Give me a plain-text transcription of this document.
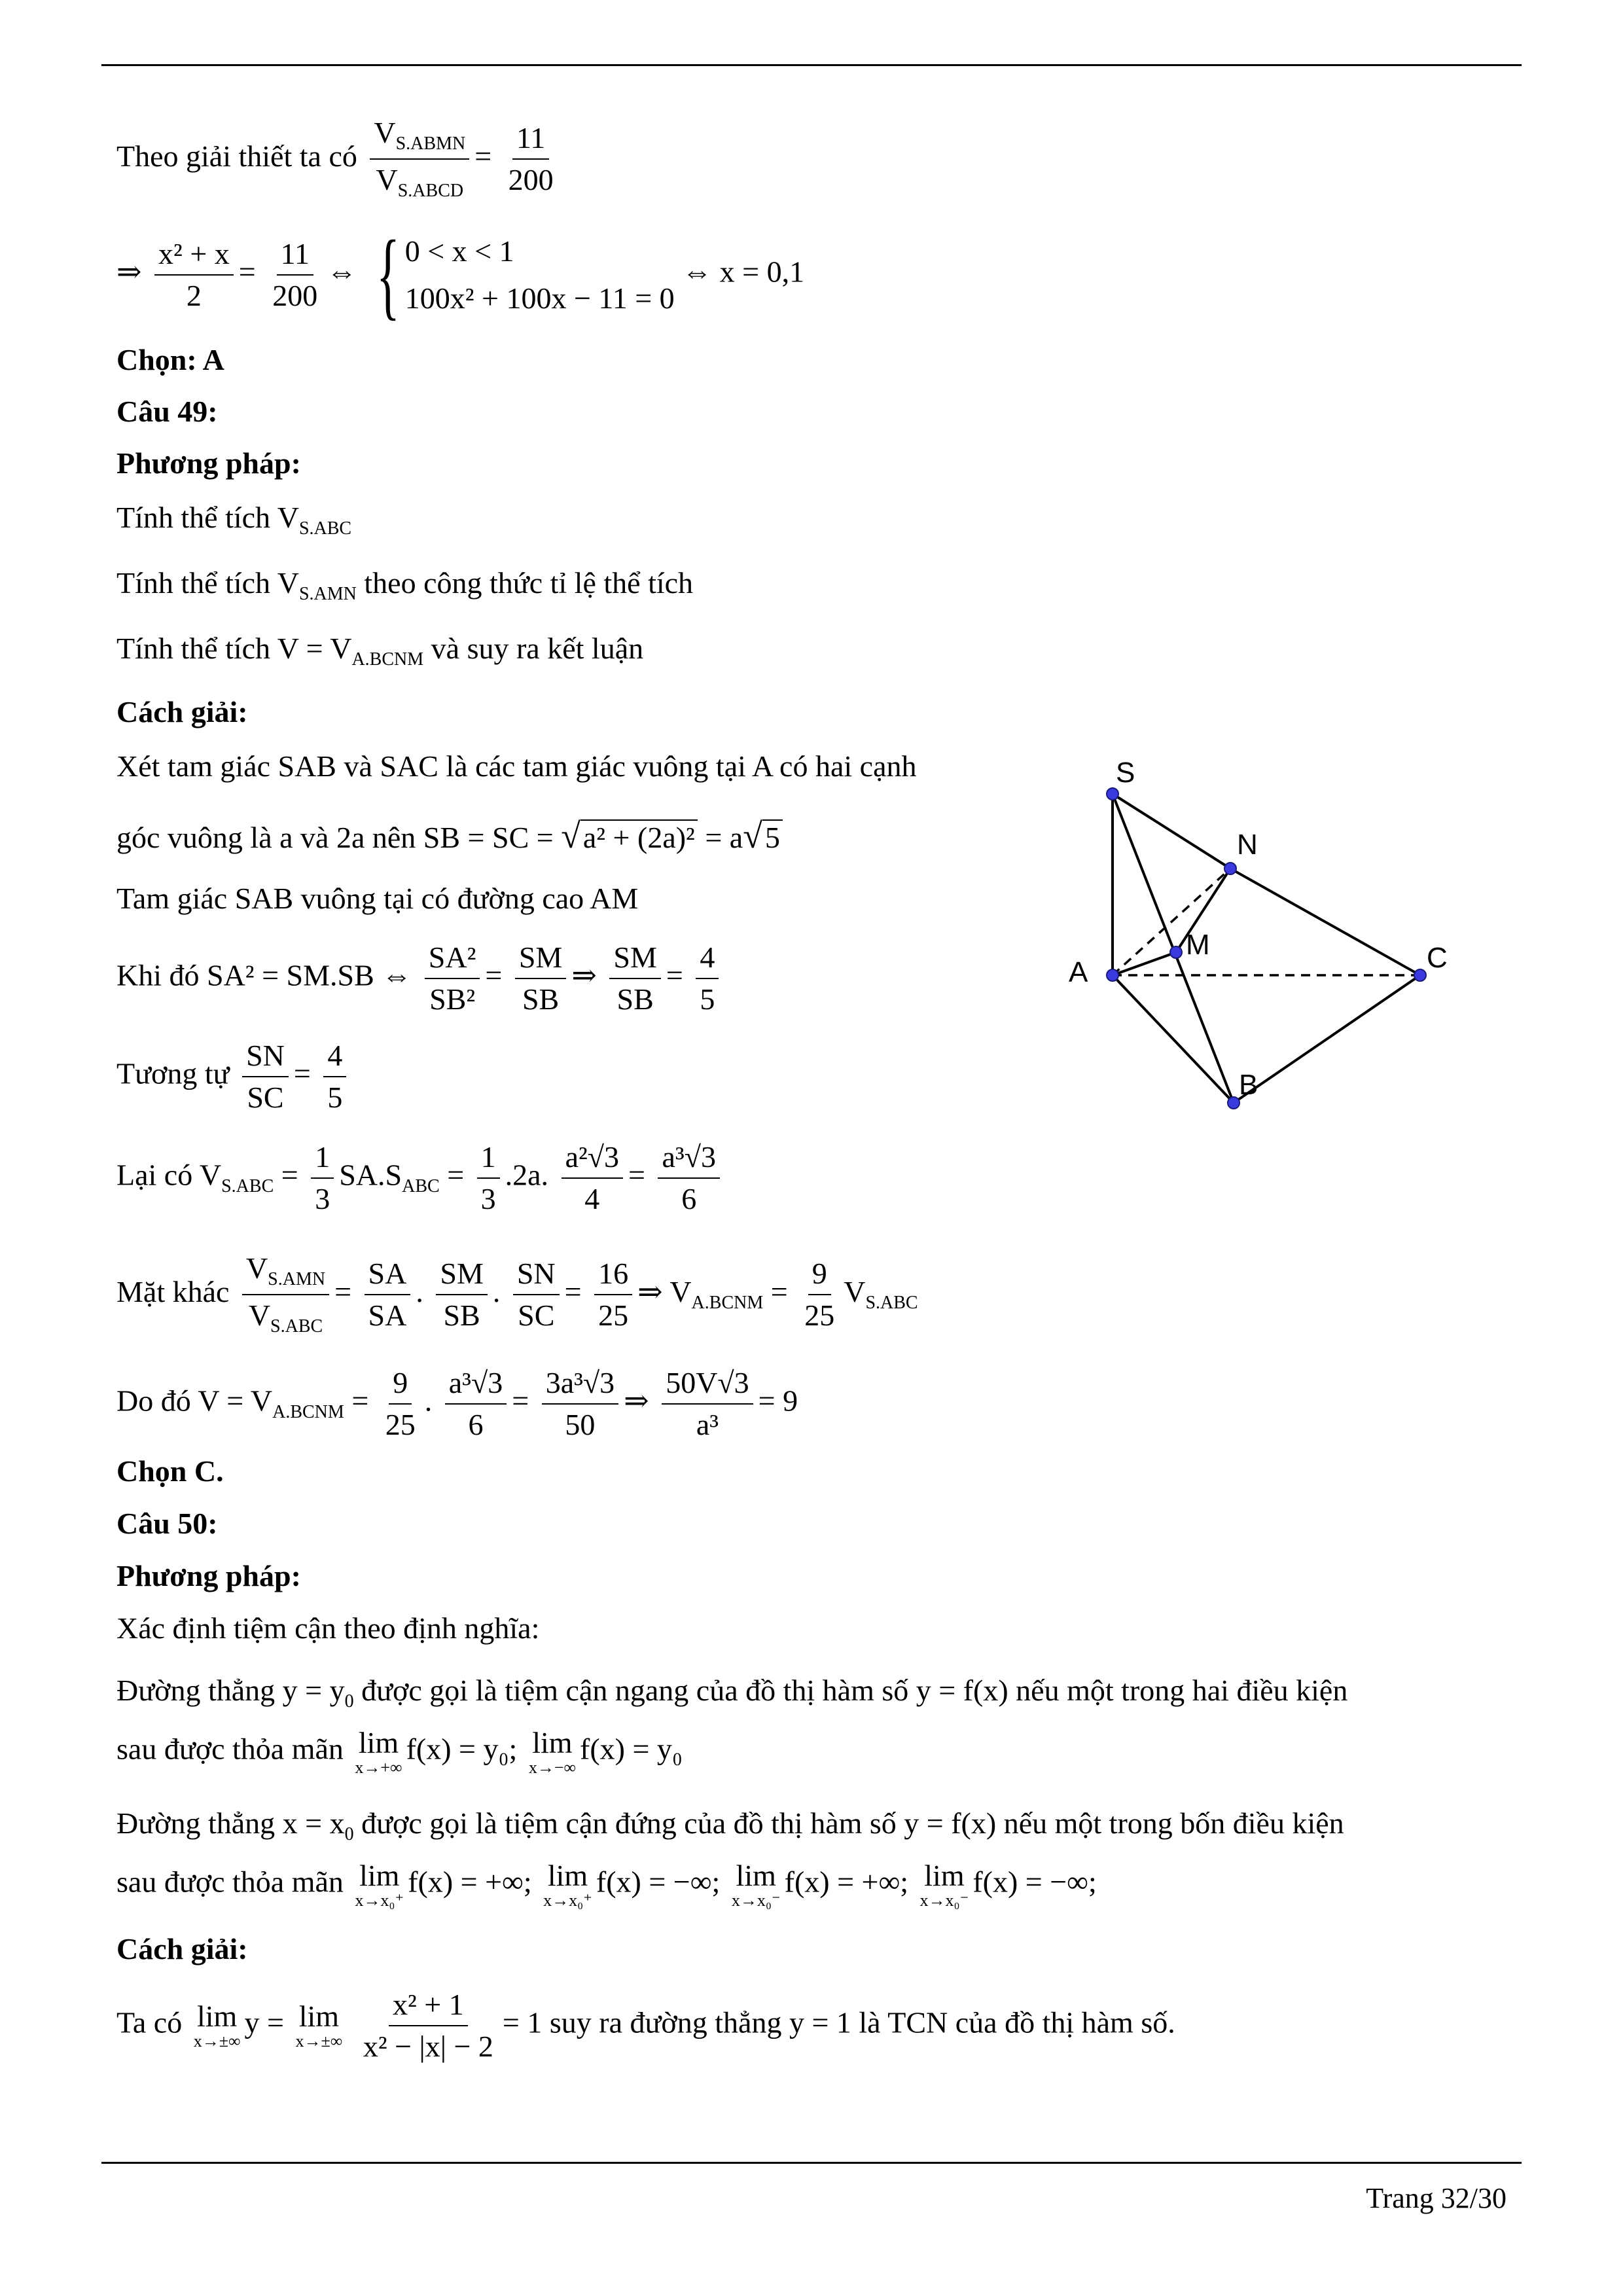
Theo giải thiết ta có $\frac{V_{S.ABMN}}{V_{S.ABCD}} = \frac{11}{200}$
⇒ $\frac{\text{x² + x}}{2} = \frac{11}{200}$ ⇔ { 0 < x < 1
100x² + 100x − 11 = 0
⇔ x = 0,1
Chọn: A
Câu 49:
Phương pháp:
Tính thể tích $V_{S.ABC}$
Tính thể tích $V_{S.AMN}$ theo công thức tỉ lệ thể tích
Tính thể tích $V = V_{A.BCNM}$ và suy ra kết luận
Cách giải:
Xét tam giác SAB và SAC là các tam giác vuông tại A có hai cạnh
góc vuông là a và 2a nên SB = SC = √a² + (2a)² = a√5
Tam giác SAB vuông tại có đường cao AM
Khi đó SA² = SM.SB ⇔ $\frac{\text{SA²}}{\text{SB²}} = \frac{SM}{SB}$ ⇒ $\frac{SM}{SB} = \frac{4}{5}$
Tương tự $\frac{SN}{SC} = \frac{4}{5}$
Lại có $V_{S.ABC} = \frac{1}{3} SA.S_{ABC} = \frac{1}{3} .2a$. $\frac{\text{a²√3}}{4} = \frac{\text{a³√3}}{6}$
Mặt khác $\frac{V_{S.AMN}}{V_{S.ABC}} = \frac{SA}{SA}$ . $\frac{SM}{SB}$ . $\frac{SN}{SC} = \frac{16}{25}$ ⇒ $V_{A.BCNM} = \frac{9}{25} V_{S.ABC}$
Do đó $V = V_{A.BCNM} = \frac{9}{25}$ . $\frac{\text{a³√3}}{6} = \frac{\text{3a³√3}}{50}$ ⇒ $\frac{50V√3}{\text{a³}} = 9$
Chọn C.
S
N
M
A	C
B
Câu 50:
Phương pháp:
Xác định tiệm cận theo định nghĩa:
Đường thẳng $y = y_0$ được gọi là tiệm cận ngang của đồ thị hàm số y = f(x) nếu một trong hai điều kiện
sau được thỏa mãn lim
x→+∞
f(x) = y₀; lim
x→−∞
f(x) = y₀
Đường thẳng $x = x_0$ được gọi là tiệm cận đứng của đồ thị hàm số y = f(x) nếu một trong bốn điều kiện
sau được thỏa mãn lim
x→x₀⁺
f(x) = +∞; lim
x→x₀⁺
f(x) = −∞; lim
x→x₀⁻
f(x) = +∞; lim
x→x₀⁻
f(x) = −∞;
Cách giải:
Ta có lim
x→±∞
y = lim
x→±∞
$\frac{\text{x² + 1}}{\text{x² − |x| − 2}} = 1$ suy ra đường thẳng y = 1 là TCN của đồ thị hàm số.
Trang 32/30
